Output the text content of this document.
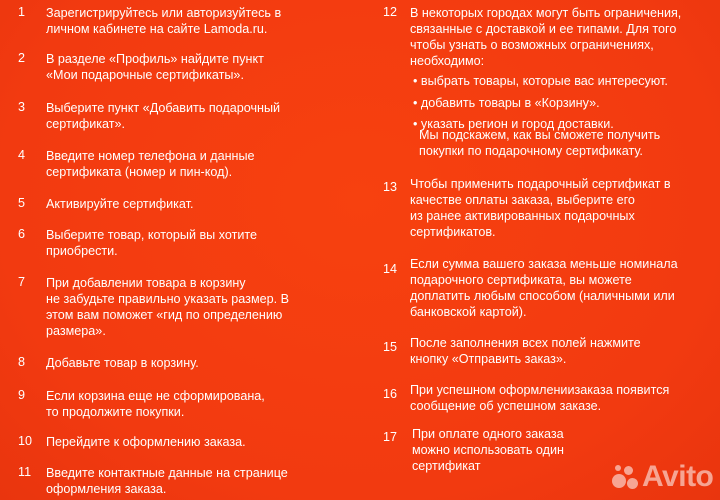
1 Зарегистрируйтесь или авторизуйтесь в
личном кабинете на сайте Lamoda.ru.
2 В разделе «Профиль» найдите пункт
«Мои подарочные сертификаты».
3 Выберите пункт «Добавить подарочный
сертификат».
4 Введите номер телефона и данные
сертификата (номер и пин-код).
5 Активируйте сертификат.
6 Выберите товар, который вы хотите
приобрести.
7 При добавлении товара в корзину
не забудьте правильно указать размер. В
этом вам поможет «гид по определению
размера».
8 Добавьте товар в корзину.
9 Если корзина еще не сформирована,
то продолжите покупки.
10 Перейдите к оформлению заказа.
11 Введите контактные данные на странице
оформления заказа.
12 В некоторых городах могут быть ограничения,
связанные с доставкой и ее типами. Для того
чтобы узнать о возможных ограничениях,
необходимо:
• выбрать товары, которые вас интересуют.
• добавить товары в «Корзину».
• указать регион и город доставки.
Мы подскажем, как вы сможете получить
покупки по подарочному сертификату.
13 Чтобы применить подарочный сертификат в
качестве оплаты заказа, выберите его
из ранее активированных подарочных
сертификатов.
14 Если сумма вашего заказа меньше номинала
подарочного сертификата, вы можете
доплатить любым способом (наличными или
банковской картой).
15 После заполнения всех полей нажмите
кнопку «Отправить заказ».
16 При успешном оформлениизаказа появится
сообщение об успешном заказе.
17 При оплате одного заказа
можно использовать один
сертификат	Avito
